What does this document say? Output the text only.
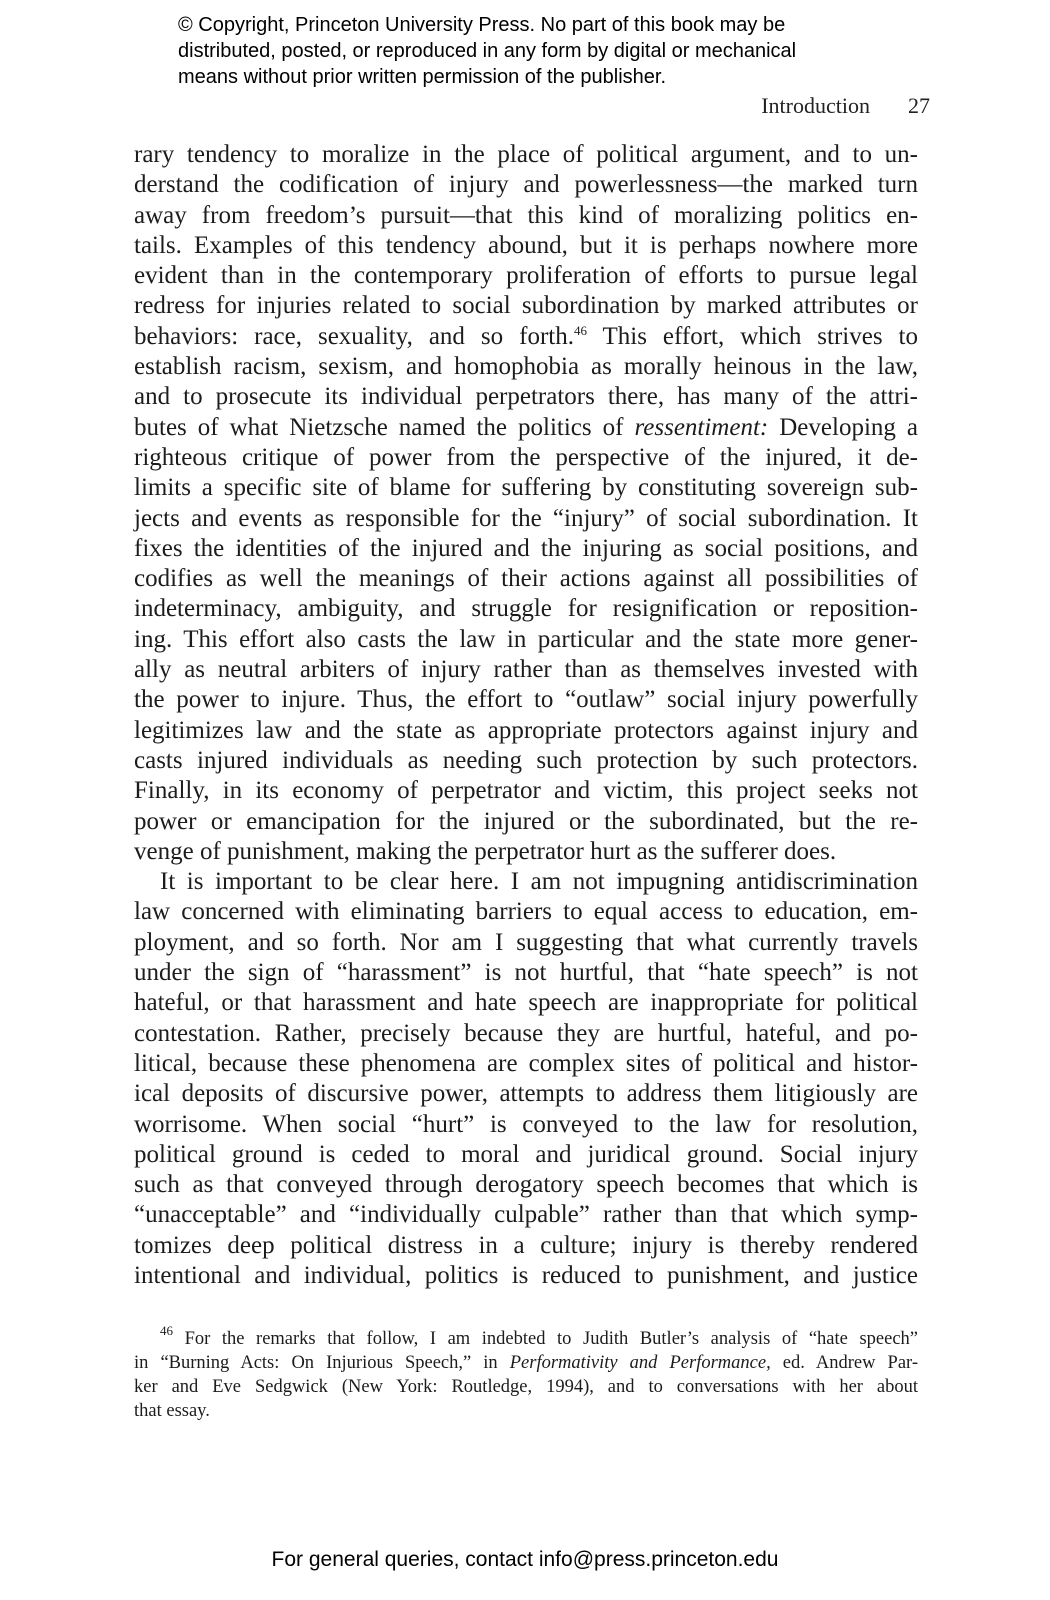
© Copyright, Princeton University Press. No part of this book may be
distributed, posted, or reproduced in any form by digital or mechanical
means without prior written permission of the publisher.
Introduction 27
rary tendency to moralize in the place of political argument, and to un-
derstand the codification of injury and powerlessness—the marked turn
away from freedom’s pursuit—that this kind of moralizing politics en-
tails. Examples of this tendency abound, but it is perhaps nowhere more
evident than in the contemporary proliferation of efforts to pursue legal
redress for injuries related to social subordination by marked attributes or
behaviors: race, sexuality, and so forth.$^{46}$ This effort, which strives to
establish racism, sexism, and homophobia as morally heinous in the law,
and to prosecute its individual perpetrators there, has many of the attri-
butes of what Nietzsche named the politics of ressentiment: Developing a
righteous critique of power from the perspective of the injured, it de-
limits a specific site of blame for suffering by constituting sovereign sub-
jects and events as responsible for the “injury” of social subordination. It
fixes the identities of the injured and the injuring as social positions, and
codifies as well the meanings of their actions against all possibilities of
indeterminacy, ambiguity, and struggle for resignification or reposition-
ing. This effort also casts the law in particular and the state more gener-
ally as neutral arbiters of injury rather than as themselves invested with
the power to injure. Thus, the effort to “outlaw” social injury powerfully
legitimizes law and the state as appropriate protectors against injury and
casts injured individuals as needing such protection by such protectors.
Finally, in its economy of perpetrator and victim, this project seeks not
power or emancipation for the injured or the subordinated, but the re-
venge of punishment, making the perpetrator hurt as the sufferer does.
It is important to be clear here. I am not impugning antidiscrimination
law concerned with eliminating barriers to equal access to education, em-
ployment, and so forth. Nor am I suggesting that what currently travels
under the sign of “harassment” is not hurtful, that “hate speech” is not
hateful, or that harassment and hate speech are inappropriate for political
contestation. Rather, precisely because they are hurtful, hateful, and po-
litical, because these phenomena are complex sites of political and histor-
ical deposits of discursive power, attempts to address them litigiously are
worrisome. When social “hurt” is conveyed to the law for resolution,
political ground is ceded to moral and juridical ground. Social injury
such as that conveyed through derogatory speech becomes that which is
“unacceptable” and “individually culpable” rather than that which symp-
tomizes deep political distress in a culture; injury is thereby rendered
intentional and individual, politics is reduced to punishment, and justice
$^{46}$ For the remarks that follow, I am indebted to Judith Butler’s analysis of “hate speech”
in “Burning Acts: On Injurious Speech,” in Performativity and Performance, ed. Andrew Par-
ker and Eve Sedgwick (New York: Routledge, 1994), and to conversations with her about
that essay.
For general queries, contact info@press.princeton.edu
